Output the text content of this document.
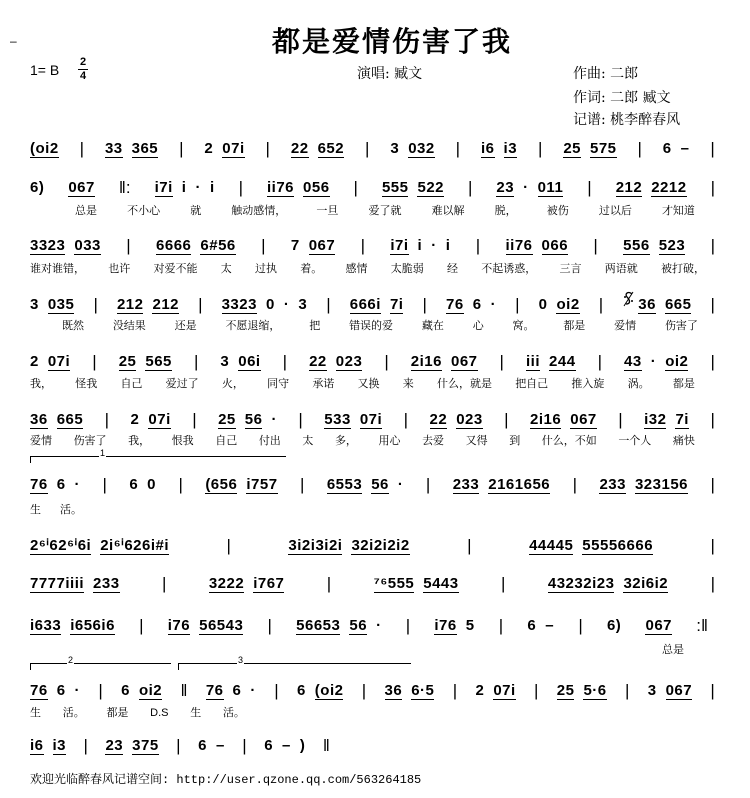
–	都是爱情伤害了我
1= B 2
4	演唱: 臧文	作曲: 二郎
作词: 二郎 臧文
记谱: 桃李醉春风
(oi2 | 33 365 | 2 07i | 22 652 | 3 032 | i6 i3 | 25 575 | 6 – |
6) 067 ‖: i7i i · i | ii76 056 | 555 522 | 23 · 011 | 212 2212 |
总是	不小心	就	触动感情，	一旦	爱了就	难以解	脱，	被伤	过以后	才知道
3323 033 | 6666 6#56 | 7 067 | i7i i · i | ii76 066 | 556 523 |
谁对谁错， 也许 对爱不能 太 过执 着。 感情 太脆弱 经 不起诱惑， 三言 两语就 被打破，
3 035 | 212 212 | 3323 0 · 3 | 666i 7i | 76 6 · | 0 oi2 | 36 665 |
既然	没结果	还是	不愿退缩，	把	错误的爱	藏在	心	窝。	都是	爱情	伤害了
2 07i | 25 565 | 3 06i | 22 023 | 2i16 067 | iii 244 | 43 · oi2 |
我， 怪我 自己 爱过了 火， 同守 承诺 又换 来 什么，就是 把自己 推入旋 涡。 都是
36 665 | 2 07i | 25 56 · | 533 07i | 22 023 | 2i16 067 | i32 7i |
爱情 伤害了 我， 恨我 自己 付出 太 多， 用心 去爱 又得 到 什么，不如 一个人 痛快
1
76 6 · | 6 0 | (656 i757 | 6553 56 · | 233 2161656 | 233 323156 |
生 活。
2⁶ⁱ62⁶ⁱ6i 2i⁶ⁱ626i#i	|	3i2i3i2i 32i2i2i2	|	44445 55556666	|
7777iiii 233 |	3222 i767 |	⁷⁶555 5443 |	43232i23 32i6i2 |
i633 i656i6 | i76 56543 | 56653 56 · | i76 5 | 6 – | 6) 067 :‖
总是
2	3
76 6 · | 6 oi2 ‖ 76 6 · | 6 (oi2 | 36 6·5 | 2 07i | 25 5·6 | 3 067 |
生 活。 都是 D.S 生 活。
i6 i3 | 23 375 | 6 – | 6 – ) ‖
欢迎光临醉春风记谱空间: http://user.qzone.qq.com/563264185
